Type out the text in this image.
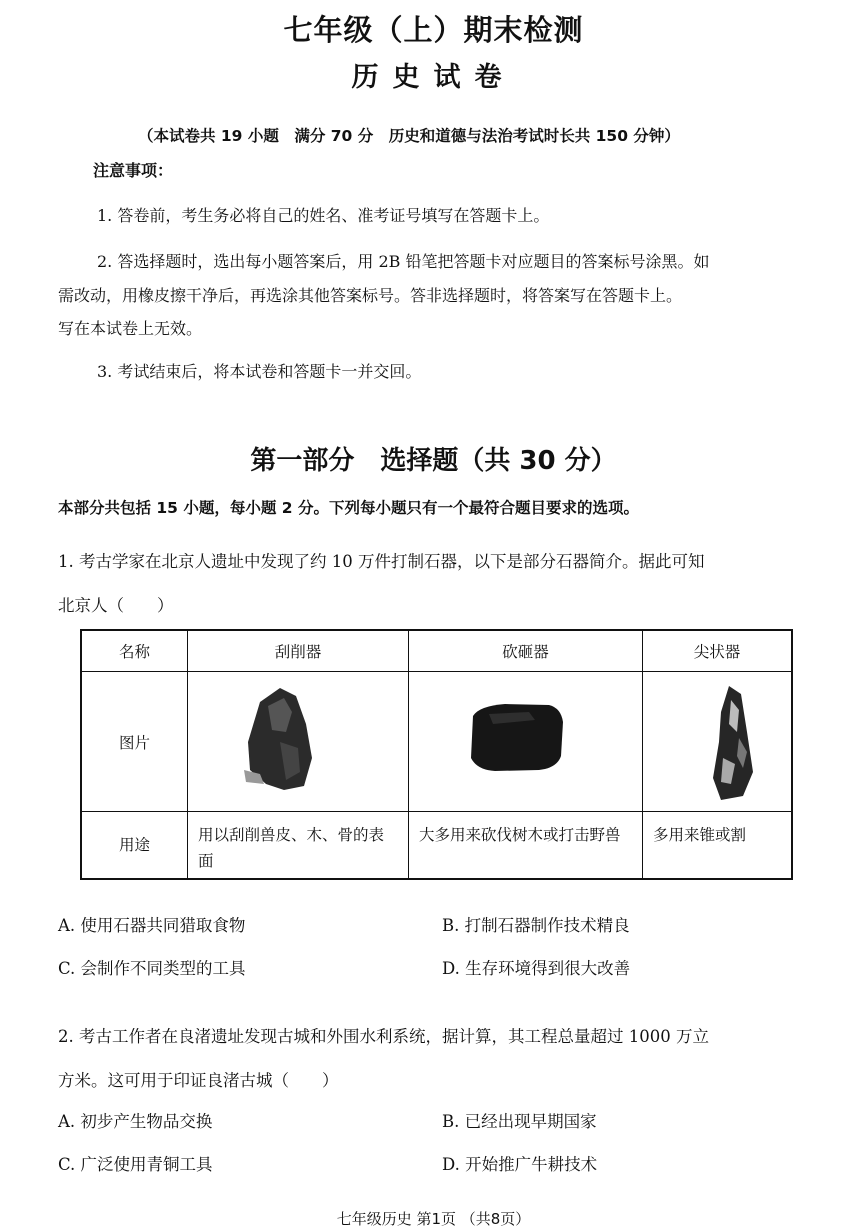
七年级（上）期末检测
历史试卷
（本试卷共 19 小题　满分 70 分　历史和道德与法治考试时长共 150 分钟）
注意事项：
1. 答卷前，考生务必将自己的姓名、准考证号填写在答题卡上。
2. 答选择题时，选出每小题答案后，用 2B 铅笔把答题卡对应题目的答案标号涂黑。如
需改动，用橡皮擦干净后，再选涂其他答案标号。答非选择题时，将答案写在答题卡上。
写在本试卷上无效。
3. 考试结束后，将本试卷和答题卡一并交回。
第一部分　选择题（共 30 分）
本部分共包括 15 小题，每小题 2 分。下列每小题只有一个最符合题目要求的选项。
1. 考古学家在北京人遗址中发现了约 10 万件打制石器，以下是部分石器简介。据此可知
北京人（　　）
名称	刮削器	砍砸器	尖状器
图片			
用途	用以刮削兽皮、木、骨的表面	大多用来砍伐树木或打击野兽	多用来锥或割
A. 使用石器共同猎取食物	B. 打制石器制作技术精良
C. 会制作不同类型的工具	D. 生存环境得到很大改善
2. 考古工作者在良渚遗址发现古城和外围水利系统，据计算，其工程总量超过 1000 万立
方米。这可用于印证良渚古城（　　）
A. 初步产生物品交换	B. 已经出现早期国家
C. 广泛使用青铜工具	D. 开始推广牛耕技术
七年级历史 第1页 （共8页）
